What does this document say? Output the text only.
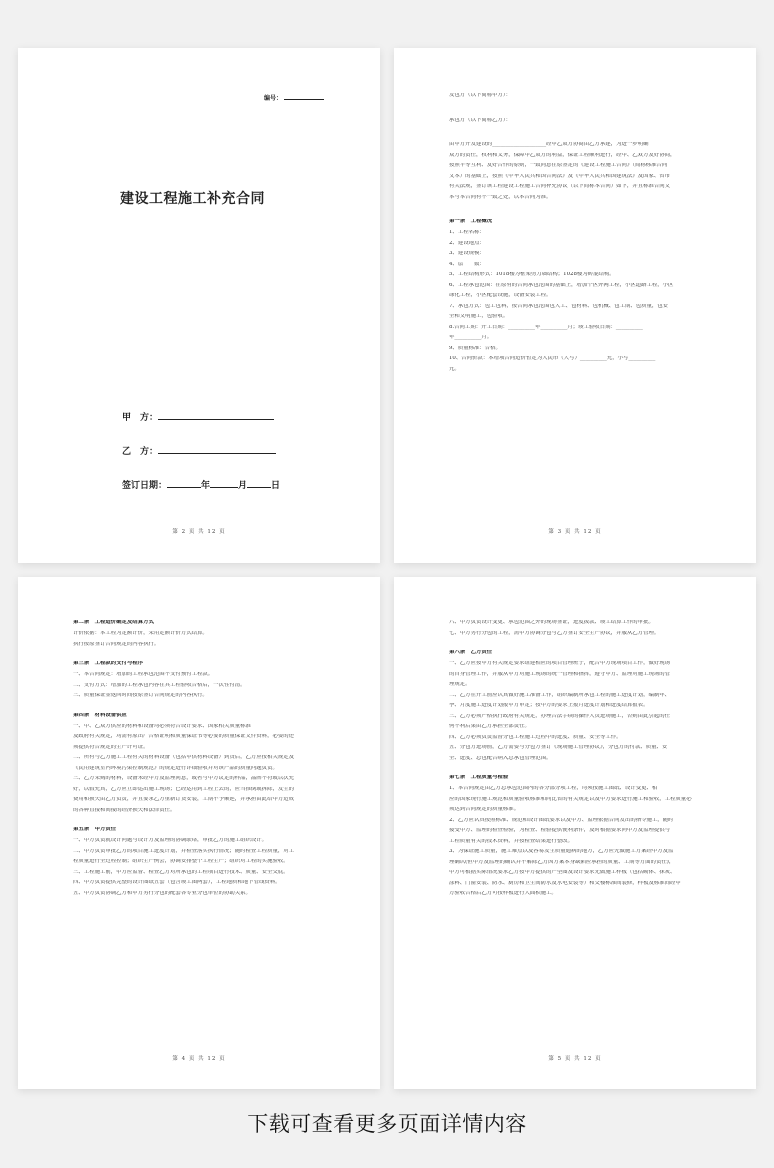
编号：
建设工程施工补充合同
甲　方：
乙　方：
签订日期：	年	月	日
第 2 页 共 12 页
发包方（以下简称甲方）：
承包方（以下简称乙方）：
由甲方开发建设的____________________经甲乙双方协商由乙方承建，为进一步明确
双方的责任，权利和义务，保障甲乙双方的利益，保证工程顺利进行，经甲、乙双方友好协商，
按照平等互利、友好合作的原则，一致同意在原签定的《建设工程施工合同》（简称标准合同
文本）的基础上，按照《中华人民共和国合同法》及《中华人民共和国建筑法》及国家、省市
有关法规，签订该工程建设工程施工合同补充协议（以下简称本合同）如下，并且标准合同文
本与本合同有不一致之处，以本合同为准。
第一条　工程概况
1、工程名称：
2、建设地点：
3、建设规模：
4、层　　数：
5、工程结构形式：1018楼为框架剪力墙结构；1028楼为砖混结构。
6、工程承包范围：在原有的合同承包范围的基础上，增加个区外网工程，小区道路工程，小区
绿化工程，小区配套设施，设备安装工程。
7、承包方式：包工包料，按合同承包范围包人工、包材料、包机械、包工期、包质量，包安
全和文明施工，包验收。
8.合同工期：开工日期：__________年__________月；竣工验收日期：__________
年__________月。
9、质量标准：合格。
10、合同价款：本增项合同造价暂定为人民币（大写）__________元，小写__________
元。
第 3 页 共 12 页
第二条　工程造价确定及结算方式
计价依据：本工程为定额计价，采用定额计价方式结算。
执行按原签订合同规定的内容执行。
第三条　工程款的支付与程序
一、本合同规定：增加的工程承包范围不支付预付工程款。
二、支付方式：增加的工程承包内容在其工程验收合格后，一次性付清。
三、质量保证金返回时间按原签订合同规定的内容执行。
第四条　材料设备供应
一、甲、乙双方供应的材料和设备均必须符合设计要求、国家相关质量标准
及政府有关规定，均需有原出厂合格证明和质量保证书等必要的质量保证文件资料，必要的还
须提供符合规定的生产许可证。
二、所有与乙方施工工程有关的材料设备（包括甲供材料设备）到货后，乙方应按相关规定及
《民用建筑室内环境污染控制规范》的规定进行详细验收并对该产品的质量问题负责。
三、乙方采购的材料，设备未经甲方及监理同意，或者与甲方议定的样品，品牌不符或以次充
好，以假充真，乙方应立即运出施工现场；已经运用到工程上去的，应当推倒或拆除，发生的
费用和损失由乙方负责，并且要求乙方重新订货安装，工期不予顺延，并承担由此给甲方造成
的各种直接和间接的经济损失和法律责任。
第五条　甲方责任
一、甲方负责就设计问题与设计方及监理的协调联络，审批乙方的施工组织设计。
二、甲方负责审批乙方的项目施工进度计划，并检查落实执行情况；随时检查工程质量，对工
程质量进行全过程控制；组织生产例会，协调安排整个工程生产；组织对工程的实施验收。
三、工程施工前，甲方应监督、检查乙方对所承包的工程项目进行技术、质量、安全交底。
四、甲方负责提供完整的设计图纸五套（包含竣工图两套），工程地质和地下管线资料。
五、甲方负责协调乙方和甲方另行分包的配套各专业分包单位的协助关系。
第 4 页 共 12 页
六、甲方负责设计变更、承包范围之外的现场签证，进度拨款、竣工结算工作的审批。
七、甲方另行分包的工程，需甲方协调分包与乙方签订安全生产协议，并服从乙方管理。
第六条　乙方责任
一、乙方应按甲方有关规定要求组建相应的项目管理班子，配合甲方现场项目工作，做好现场
的自身管理工作，并服从甲方对施工现场的统一管理和指挥，遵守甲方、监理对施工现场的管
理规定。
二、乙方在开工前应认真做好施工准备工作，组织编制所承包工程的施工进度计划，编制年、
季、月度施工进度计划报甲方审定；按甲方的要求上报月进度计划和进度结算报表。
三、乙方必须严格执行政府有关规定，办理合法手续的操作人员进场施工，否则由此引起的任
何不利后果由乙方承担全部责任。
四、乙方必须负责监督分包工程施工过程中的进度、质量、安全等工作。
五、分包方进场前，乙方需要与分包方签订《现场施工管理协议》，分包方的付款、质量、安
全、进度、总包配合纳入总承包管理范围。
第七条　工程质量与检验
1、本合同规定由乙方总承包范围内的各分部分项工程，均须按施工图纸、设计变更、相
应的国家现行施工规范和质量验收标准和同比省的有关规定以及甲方要求进行施工和验收，工程质量必
须达到合同规定的质量标准。
2、乙方应认真按照标准、规范和设计图纸要求以及甲方、监理依据合同发出的指令施工，随时
接受甲方、监理的检查检验，为检查、检验提供便利条件，及时根据要求向甲方及监理提供与
工程质量有关的技术资料，并按检查结果进行整改。
3、为保证施工质量，施工难点以及容易发生质量通病的地方，乙方应先做施工方案经甲方及监
理确认(但甲方及监理的确认并不解除乙方因方案本身缺陷应承担的质量、工期等方面的责任)，
甲方可根据实际情况要求乙方按甲方提供的产型图及设计要求先做施工样板（包括砌体、抹灰、
涂料、门窗安装、防水、厨房和卫生间防水及水电安装等）和交楼标准间装修，样板及标准间经甲
方验收合格后乙方可按样板进行大面积施工。
第 5 页 共 12 页
下载可查看更多页面详情内容
